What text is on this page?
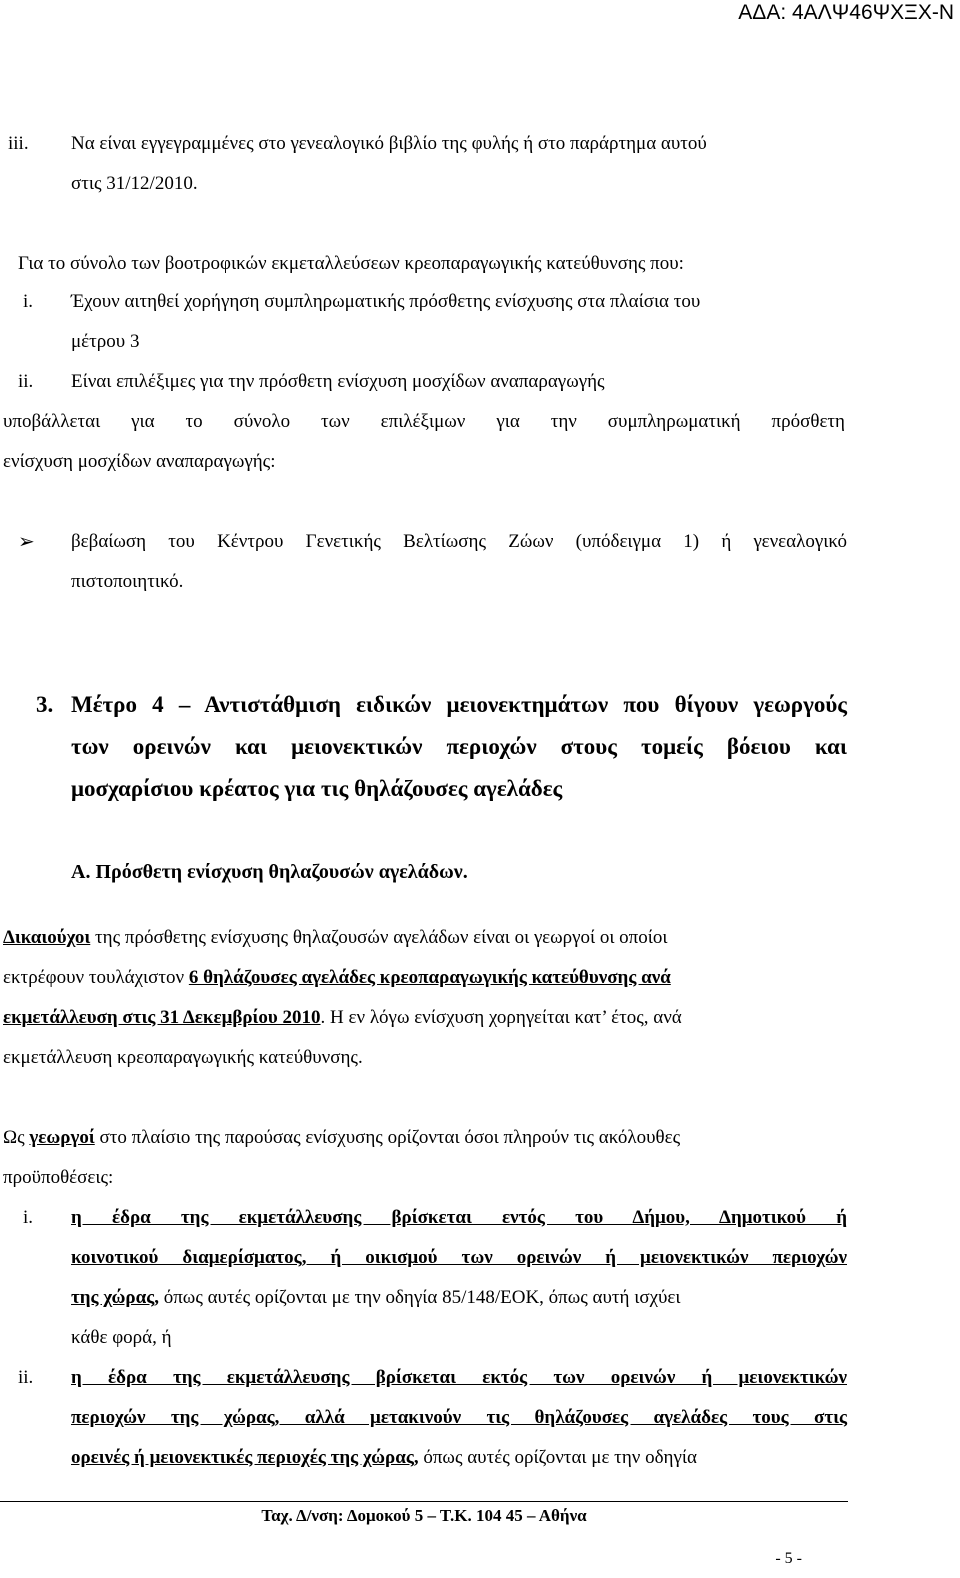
ΑΔΑ: 4ΑΛΨ46ΨΧΞΧ-Ν
iii. Να είναι εγγεγραμμένες στο γενεαλογικό βιβλίο της φυλής ή στο παράρτημα αυτού
στις 31/12/2010.
Για το σύνολο των βοοτροφικών εκμεταλλεύσεων κρεοπαραγωγικής κατεύθυνσης που:
i. Έχουν αιτηθεί χορήγηση συμπληρωματικής πρόσθετης ενίσχυσης στα πλαίσια του
μέτρου 3
ii. Είναι επιλέξιμες για την πρόσθετη ενίσχυση μοσχίδων αναπαραγωγής
υποβάλλεται για το σύνολο των επιλέξιμων για την συμπληρωματική πρόσθετη
ενίσχυση μοσχίδων αναπαραγωγής:
➢ βεβαίωση του Κέντρου Γενετικής Βελτίωσης Ζώων (υπόδειγμα 1) ή γενεαλογικό
πιστοποιητικό.
3. Μέτρο 4 – Αντιστάθμιση ειδικών μειονεκτημάτων που θίγουν γεωργούς
των ορεινών και μειονεκτικών περιοχών στους τομείς βόειου και
μοσχαρίσιου κρέατος για τις θηλάζουσες αγελάδες
Α. Πρόσθετη ενίσχυση θηλαζουσών αγελάδων.
Δικαιούχοι της πρόσθετης ενίσχυσης θηλαζουσών αγελάδων είναι οι γεωργοί οι οποίοι
εκτρέφουν τουλάχιστον 6 θηλάζουσες αγελάδες κρεοπαραγωγικής κατεύθυνσης ανά
εκμετάλλευση στις 31 Δεκεμβρίου 2010. Η εν λόγω ενίσχυση χορηγείται κατ’ έτος, ανά
εκμετάλλευση κρεοπαραγωγικής κατεύθυνσης.
Ως γεωργοί στο πλαίσιο της παρούσας ενίσχυσης ορίζονται όσοι πληρούν τις ακόλουθες
προϋποθέσεις:
i. η έδρα της εκμετάλλευσης βρίσκεται εντός του Δήμου, Δημοτικού ή
κοινοτικού διαμερίσματος, ή οικισμού των ορεινών ή μειονεκτικών περιοχών
της χώρας, όπως αυτές ορίζονται με την οδηγία 85/148/ΕΟΚ, όπως αυτή ισχύει
κάθε φορά, ή
ii. η έδρα της εκμετάλλευσης βρίσκεται εκτός των ορεινών ή μειονεκτικών
περιοχών της χώρας, αλλά μετακινούν τις θηλάζουσες αγελάδες τους στις
ορεινές ή μειονεκτικές περιοχές της χώρας, όπως αυτές ορίζονται με την οδηγία
Ταχ. Δ/νση: Δομοκού 5 – Τ.Κ. 104 45 – Αθήνα
- 5 -
